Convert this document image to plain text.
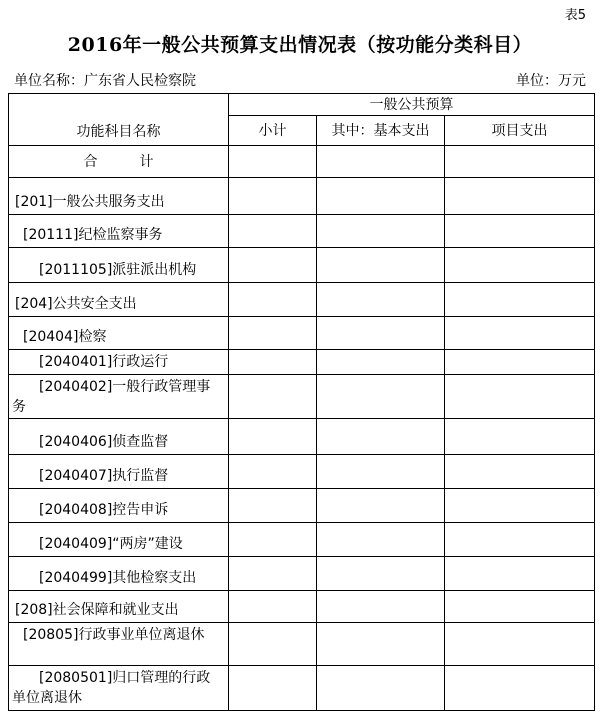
表5
2016年一般公共预算支出情况表（按功能分类科目）
单位名称：广东省人民检察院	单位：万元
功能科目名称	一般公共预算		
	小计	其中：基本支出	项目支出
合 计			
[201]一般公共服务支出			
[20111]纪检监察事务			
[2011105]派驻派出机构			
[204]公共安全支出			
[20404]检察			
[2040401]行政运行			
[2040402]一般行政管理事务			
[2040406]侦查监督			
[2040407]执行监督			
[2040408]控告申诉			
[2040409]“两房”建设			
[2040499]其他检察支出			
[208]社会保障和就业支出			
[20805]行政事业单位离退休			
[2080501]归口管理的行政单位离退休			
